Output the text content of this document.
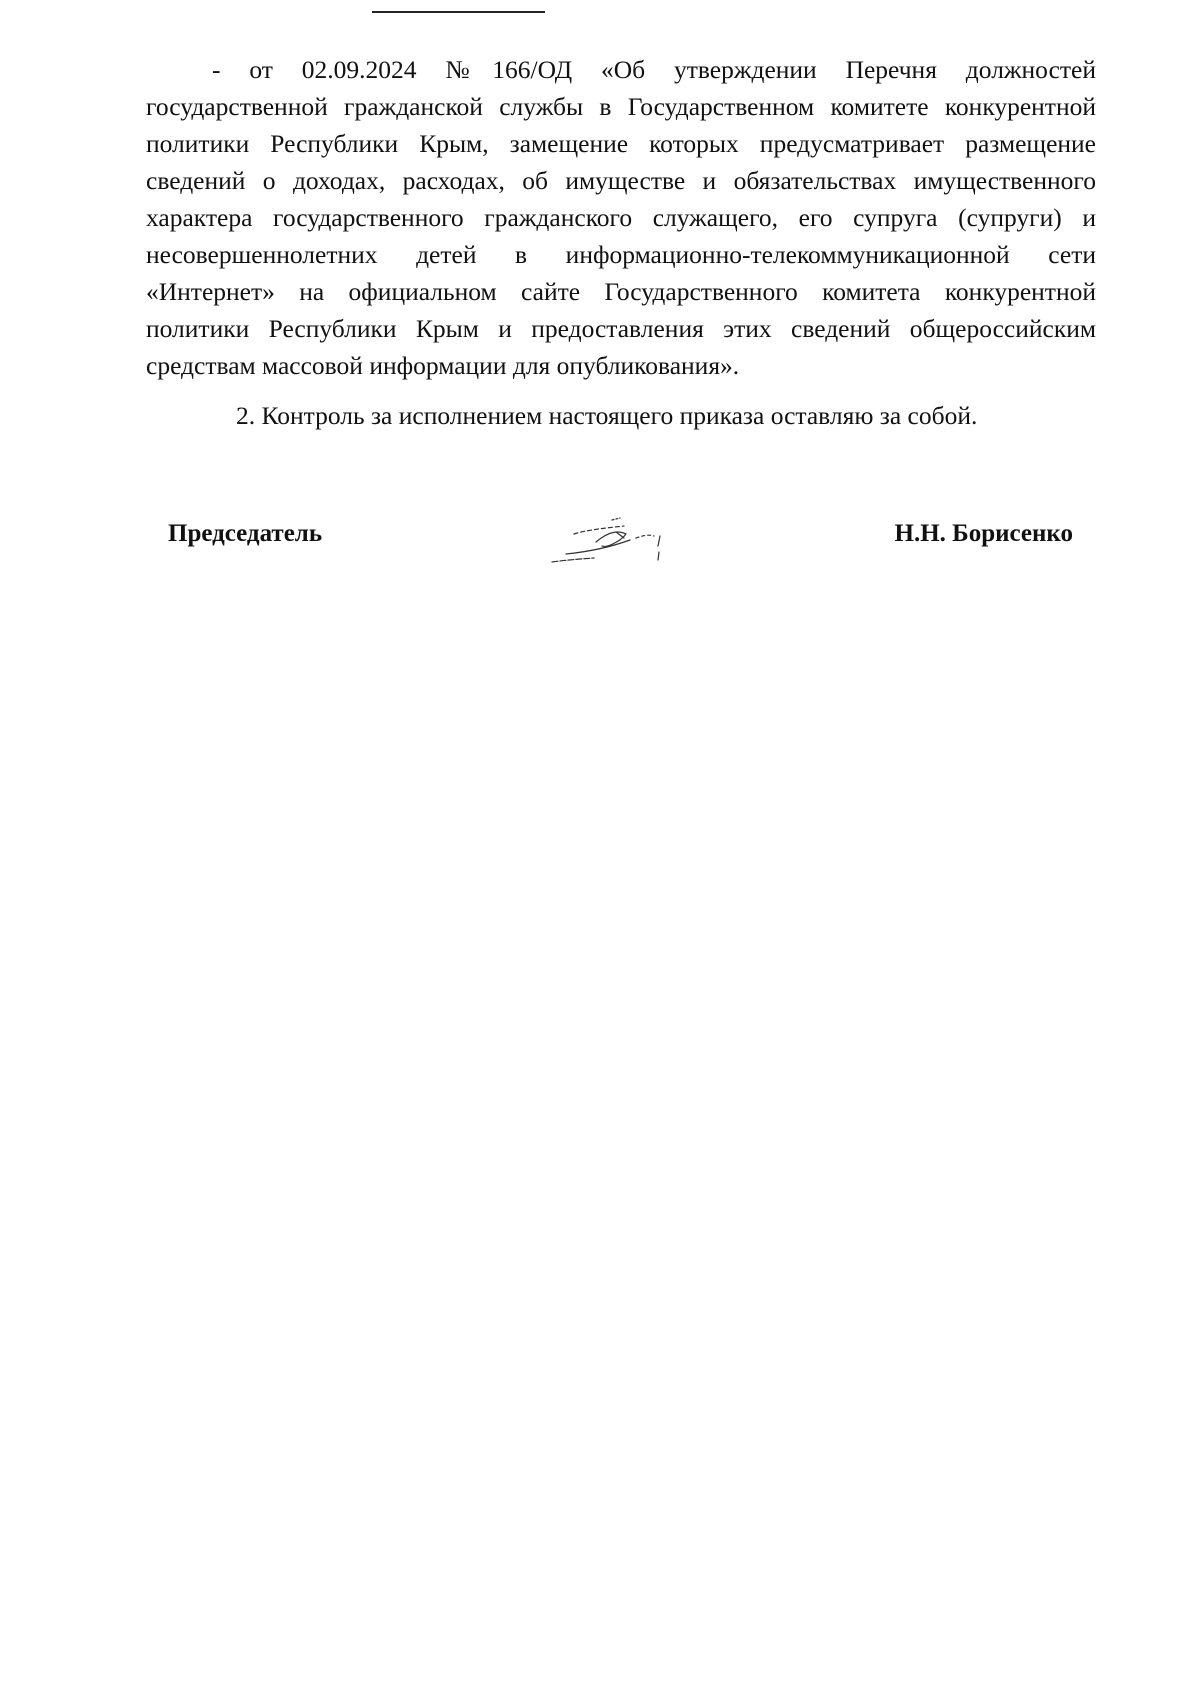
- от 02.09.2024 №166/ОД «Об утверждении Перечня должностей государственной гражданской службы в Государственном комитете конкурентной политики Республики Крым, замещение которых предусматривает размещение сведений о доходах, расходах, об имуществе и обязательствах имущественного характера государственного гражданского служащего, его супруга (супруги) и несовершеннолетних детей в информационно-телекоммуникационной сети «Интернет» на официальном сайте Государственного комитета конкурентной политики Республики Крым и предоставления этих сведений общероссийским средствам массовой информации для опубликования».

2. Контроль за исполнением настоящего приказа оставляю за собой.

Председатель	Н.Н. Борисенко
